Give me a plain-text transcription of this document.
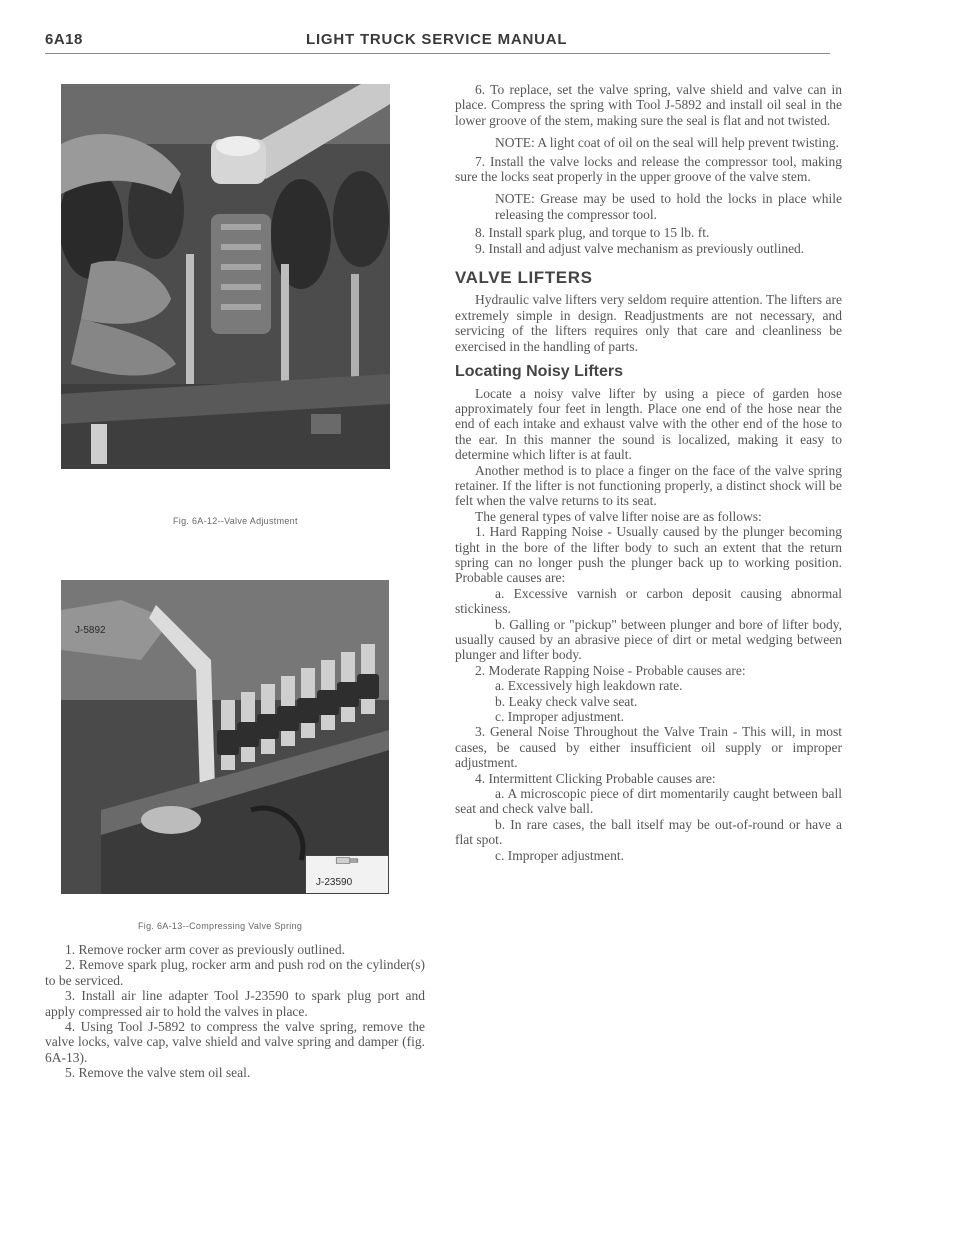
6A18	LIGHT TRUCK SERVICE MANUAL
Fig. 6A-12--Valve Adjustment
J-5892
J-23590
Fig. 6A-13--Compressing Valve Spring

1. Remove rocker arm cover as previously outlined.

2. Remove spark plug, rocker arm and push rod on the cylinder(s) to be serviced.

3. Install air line adapter Tool J-23590 to spark plug port and apply compressed air to hold the valves in place.

4. Using Tool J-5892 to compress the valve spring, remove the valve locks, valve cap, valve shield and valve spring and damper (fig. 6A-13).

5. Remove the valve stem oil seal.

6. To replace, set the valve spring, valve shield and valve can in place. Compress the spring with Tool J-5892 and install oil seal in the lower groove of the stem, making sure the seal is flat and not twisted.

NOTE: A light coat of oil on the seal will help prevent twisting.

7. Install the valve locks and release the compressor tool, making sure the locks seat properly in the upper groove of the valve stem.

NOTE: Grease may be used to hold the locks in place while releasing the compressor tool.

8. Install spark plug, and torque to 15 lb. ft.

9. Install and adjust valve mechanism as previously outlined.

VALVE LIFTERS

Hydraulic valve lifters very seldom require attention. The lifters are extremely simple in design. Readjustments are not necessary, and servicing of the lifters requires only that care and cleanliness be exercised in the handling of parts.

Locating Noisy Lifters

Locate a noisy valve lifter by using a piece of garden hose approximately four feet in length. Place one end of the hose near the end of each intake and exhaust valve with the other end of the hose to the ear. In this manner the sound is localized, making it easy to determine which lifter is at fault.

Another method is to place a finger on the face of the valve spring retainer. If the lifter is not functioning properly, a distinct shock will be felt when the valve returns to its seat.

The general types of valve lifter noise are as follows:

1. Hard Rapping Noise - Usually caused by the plunger becoming tight in the bore of the lifter body to such an extent that the return spring can no longer push the plunger back up to working position. Probable causes are:

a. Excessive varnish or carbon deposit causing abnormal stickiness.

b. Galling or "pickup" between plunger and bore of lifter body, usually caused by an abrasive piece of dirt or metal wedging between plunger and lifter body.

2. Moderate Rapping Noise - Probable causes are:

a. Excessively high leakdown rate.

b. Leaky check valve seat.

c. Improper adjustment.

3. General Noise Throughout the Valve Train - This will, in most cases, be caused by either insufficient oil supply or improper adjustment.

4. Intermittent Clicking Probable causes are:

a. A microscopic piece of dirt momentarily caught between ball seat and check valve ball.

b. In rare cases, the ball itself may be out-of-round or have a flat spot.

c. Improper adjustment.
